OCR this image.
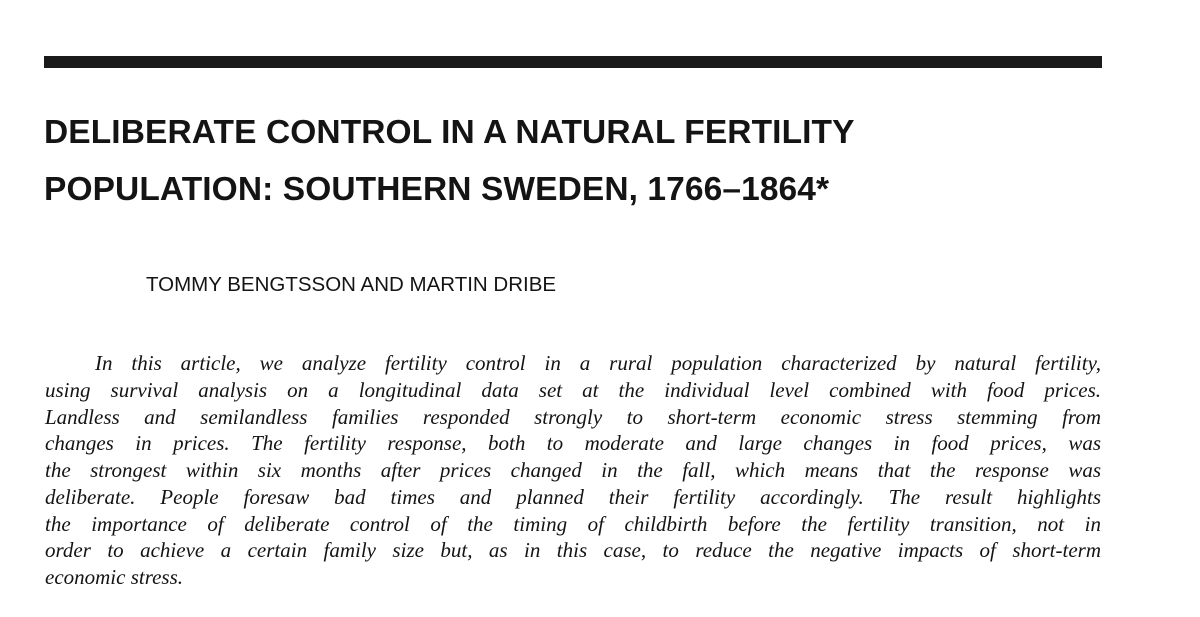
DELIBERATE CONTROL IN A NATURAL FERTILITY
POPULATION: SOUTHERN SWEDEN, 1766–1864*

TOMMY BENGTSSON AND MARTIN DRIBE

In this article, we analyze fertility control in a rural population characterized by natural fertility,
using survival analysis on a longitudinal data set at the individual level combined with food prices.
Landless and semilandless families responded strongly to short-term economic stress stemming from
changes in prices. The fertility response, both to moderate and large changes in food prices, was
the strongest within six months after prices changed in the fall, which means that the response was
deliberate. People foresaw bad times and planned their fertility accordingly. The result highlights
the importance of deliberate control of the timing of childbirth before the fertility transition, not in
order to achieve a certain family size but, as in this case, to reduce the negative impacts of short-term
economic stress.
